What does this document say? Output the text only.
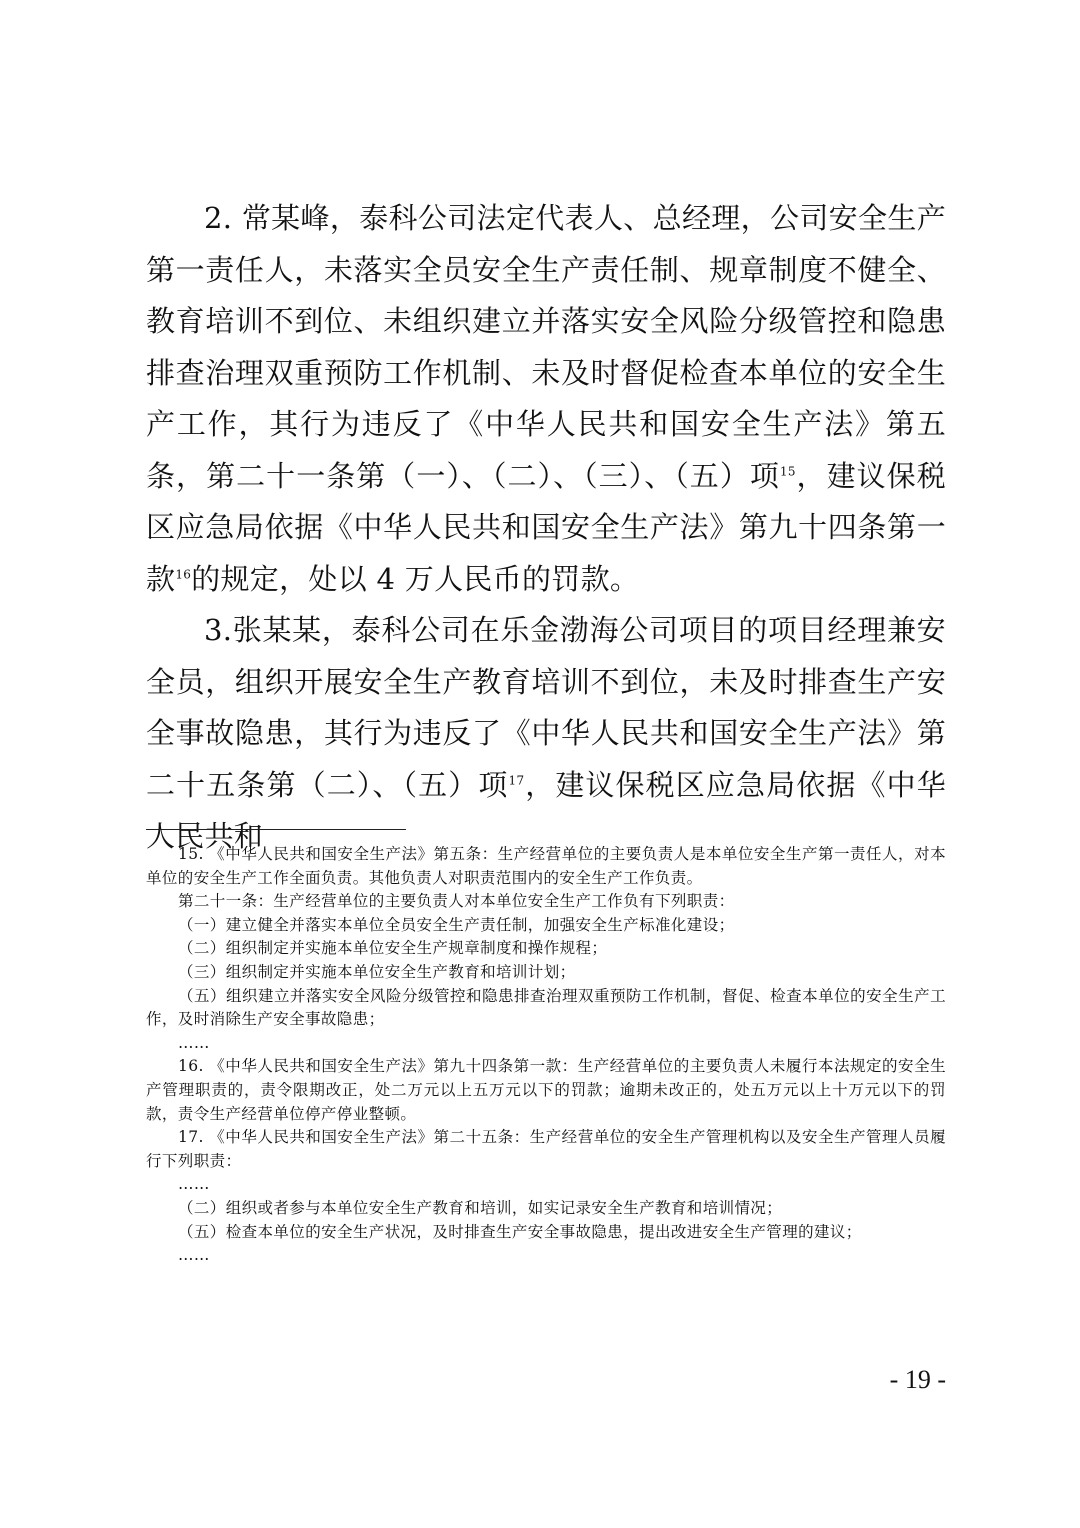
2. 常某峰，泰科公司法定代表人、总经理，公司安全生产第一责任人，未落实全员安全生产责任制、规章制度不健全、教育培训不到位、未组织建立并落实安全风险分级管控和隐患排查治理双重预防工作机制、未及时督促检查本单位的安全生产工作，其行为违反了《中华人民共和国安全生产法》第五条，第二十一条第（一）、（二）、（三）、（五）项$^{15}$，建议保税区应急局依据《中华人民共和国安全生产法》第九十四条第一款$^{16}$的规定，处以 4 万人民币的罚款。

3.张某某，泰科公司在乐金渤海公司项目的项目经理兼安全员，组织开展安全生产教育培训不到位，未及时排查生产安全事故隐患，其行为违反了《中华人民共和国安全生产法》第二十五条第（二）、（五）项$^{17}$，建议保税区应急局依据《中华人民共和

15. 《中华人民共和国安全生产法》第五条：生产经营单位的主要负责人是本单位安全生产第一责任人，对本单位的安全生产工作全面负责。其他负责人对职责范围内的安全生产工作负责。

第二十一条：生产经营单位的主要负责人对本单位安全生产工作负有下列职责：

（一）建立健全并落实本单位全员安全生产责任制，加强安全生产标准化建设；

（二）组织制定并实施本单位安全生产规章制度和操作规程；

（三）组织制定并实施本单位安全生产教育和培训计划；

（五）组织建立并落实安全风险分级管控和隐患排查治理双重预防工作机制，督促、检查本单位的安全生产工作，及时消除生产安全事故隐患；

……

16. 《中华人民共和国安全生产法》第九十四条第一款：生产经营单位的主要负责人未履行本法规定的安全生产管理职责的，责令限期改正，处二万元以上五万元以下的罚款；逾期未改正的，处五万元以上十万元以下的罚款，责令生产经营单位停产停业整顿。

17. 《中华人民共和国安全生产法》第二十五条：生产经营单位的安全生产管理机构以及安全生产管理人员履行下列职责：

……

（二）组织或者参与本单位安全生产教育和培训，如实记录安全生产教育和培训情况；

（五）检查本单位的安全生产状况，及时排查生产安全事故隐患，提出改进安全生产管理的建议；

……

- 19 -
